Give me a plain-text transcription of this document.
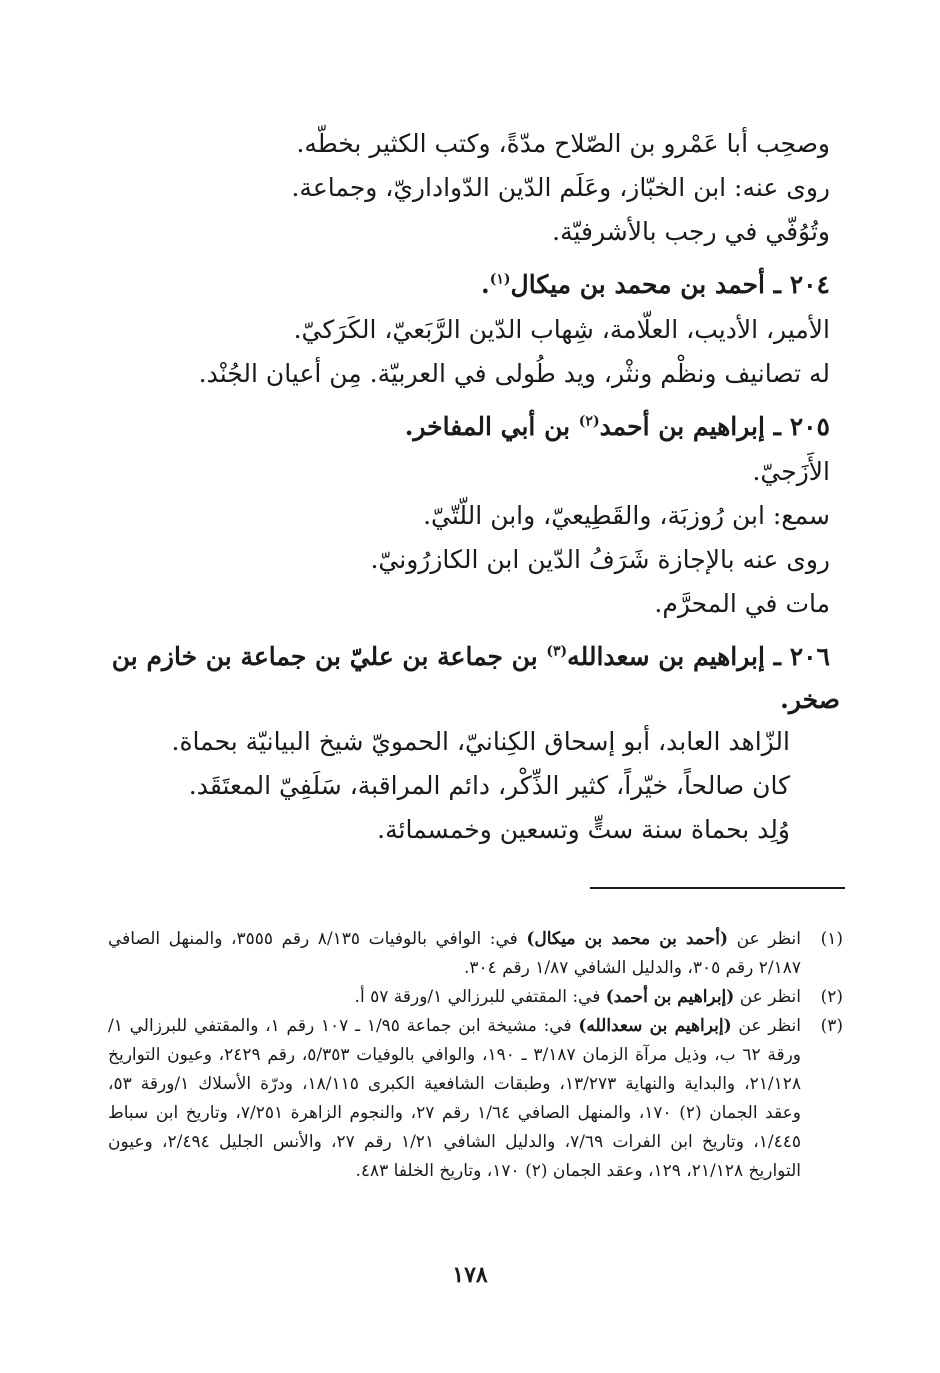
وصحِب أبا عَمْرو بن الصّلاح مدّةً، وكتب الكثير بخطّه.
روى عنه: ابن الخبّاز، وعَلَم الدّين الدّواداريّ، وجماعة.
وتُوُفّي في رجب بالأشرفيّة.
٢٠٤ ـ أحمد بن محمد بن ميكال$^{(١)}$.
الأمير، الأديب، العلّامة، شِهاب الدّين الرَّبَعيّ، الكَرَكيّ.
له تصانيف ونظْم ونثْر، ويد طُولى في العربيّة. مِن أعيان الجُنْد.
٢٠٥ ـ إبراهيم بن أحمد$^{(٢)}$ بن أبي المفاخر.
الأَزَجيّ.
سمع: ابن رُوزبَة، والقَطِيعيّ، وابن اللّتّيّ.
روى عنه بالإجازة شَرَفُ الدّين ابن الكازرُونيّ.
مات في المحرَّم.
٢٠٦ ـ إبراهيم بن سعدالله$^{(٣)}$ بن جماعة بن عليّ بن جماعة بن خازم بن
صخر.
الزّاهد العابد، أبو إسحاق الكِنانيّ، الحمويّ شيخ البيانيّة بحماة.
كان صالحاً، خيّراً، كثير الذِّكْر، دائم المراقبة، سَلَفِيّ المعتَقَد.
وُلِد بحماة سنة ستٍّ وتسعين وخمسمائة.
(١)
انظر عن (أحمد بن محمد بن ميكال) في: الوافي بالوفيات ٨/١٣٥ رقم ٣٥٥٥، والمنهل الصافي ٢/١٨٧ رقم ٣٠٥، والدليل الشافي ١/٨٧ رقم ٣٠٤.
(٢)
انظر عن (إبراهيم بن أحمد) في: المقتفي للبرزالي ١/ورقة ٥٧ أ.
(٣)
انظر عن (إبراهيم بن سعدالله) في: مشيخة ابن جماعة ١/٩٥ ـ ١٠٧ رقم ١، والمقتفي للبرزالي ١/ورقة ٦٢ ب، وذيل مرآة الزمان ٣/١٨٧ ـ ١٩٠، والوافي بالوفيات ٥/٣٥٣، رقم ٢٤٢٩، وعيون التواريخ ٢١/١٢٨، والبداية والنهاية ١٣/٢٧٣، وطبقات الشافعية الكبرى ١٨/١١٥، ودرّة الأسلاك ١/ورقة ٥٣، وعقد الجمان (٢) ١٧٠، والمنهل الصافي ١/٦٤ رقم ٢٧، والنجوم الزاهرة ٧/٢٥١، وتاريخ ابن سباط ١/٤٤٥، وتاريخ ابن الفرات ٧/٦٩، والدليل الشافي ١/٢١ رقم ٢٧، والأنس الجليل ٢/٤٩٤، وعيون التواريخ ٢١/١٢٨، ١٢٩، وعقد الجمان (٢) ١٧٠، وتاريخ الخلفا ٤٨٣.
١٧٨
